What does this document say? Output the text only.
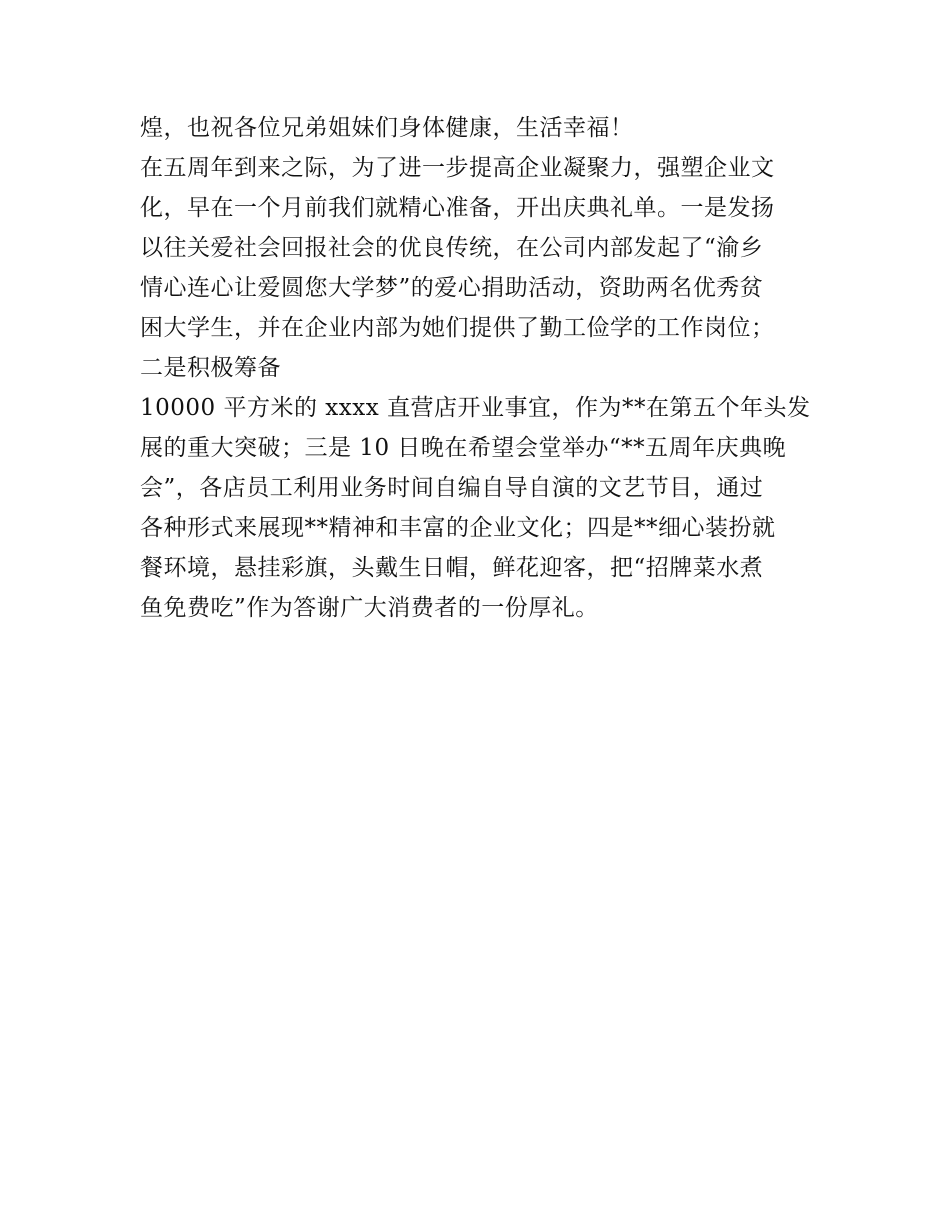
煌，也祝各位兄弟姐妹们身体健康，生活幸福！
在五周年到来之际，为了进一步提高企业凝聚力，强塑企业文
化，早在一个月前我们就精心准备，开出庆典礼单。一是发扬
以往关爱社会回报社会的优良传统，在公司内部发起了“渝乡
情心连心让爱圆您大学梦”的爱心捐助活动，资助两名优秀贫
困大学生，并在企业内部为她们提供了勤工俭学的工作岗位；
二是积极筹备
10000 平方米的 xxxx 直营店开业事宜，作为**在第五个年头发
展的重大突破；三是 10 日晚在希望会堂举办“**五周年庆典晚
会”，各店员工利用业务时间自编自导自演的文艺节目，通过
各种形式来展现**精神和丰富的企业文化；四是**细心装扮就
餐环境，悬挂彩旗，头戴生日帽，鲜花迎客，把“招牌菜水煮
鱼免费吃”作为答谢广大消费者的一份厚礼。
